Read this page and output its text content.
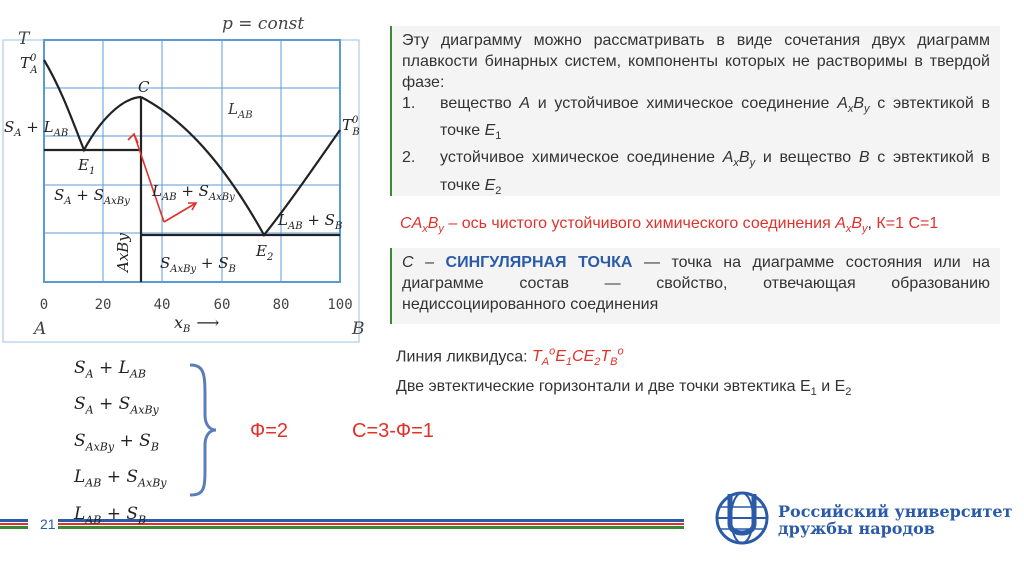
p = const
T
$T^0$ A
$T^0$ B
C
$E_1$
$E_2$
$L_{AB}$
$S_A + L_{AB}$
$S_A + S_{AxBy}$
$L_{AB} + S_{AxBy}$
$L_{AB} + S_B$
$S_{AxBy} + S_B$
AxBy
0	20	40	60	80	100
A	B
$x_B$ ⟶

Эту диаграмму можно рассматривать в виде сочетания двух диаграмм плавкости бинарных систем, компоненты которых не растворимы в твердой фазе:

1. вещество A и устойчивое химическое соединение $A_xB_y$ с эвтектикой в точке $E_1$
2. устойчивое химическое соединение $A_xB_y$ и вещество B с эвтектикой в точке $E_2$
$CA_xB_y$ – ось чистого устойчивого химического соединения $A_xB_y$, К=1 С=1
С – СИНГУЛЯРНАЯ ТОЧКА — точка на диаграмме состояния или на диаграмме состав — свойство, отвечающая образованию недиссоциированного соединения
Линия ликвидуса: $T_A^oE_1CE_2T_B^o$
Две эвтектические горизонтали и две точки эвтектика $Е_1$ и $Е_2$
$S_A + L_{AB}$
$S_A + S_{AxBy}$
$S_{AxBy} + S_B$
$L_{AB} + S_{AxBy}$
$L_{AB} + S_B$
Ф=2	С=3-Ф=1
21
Российский университет
дружбы народов
